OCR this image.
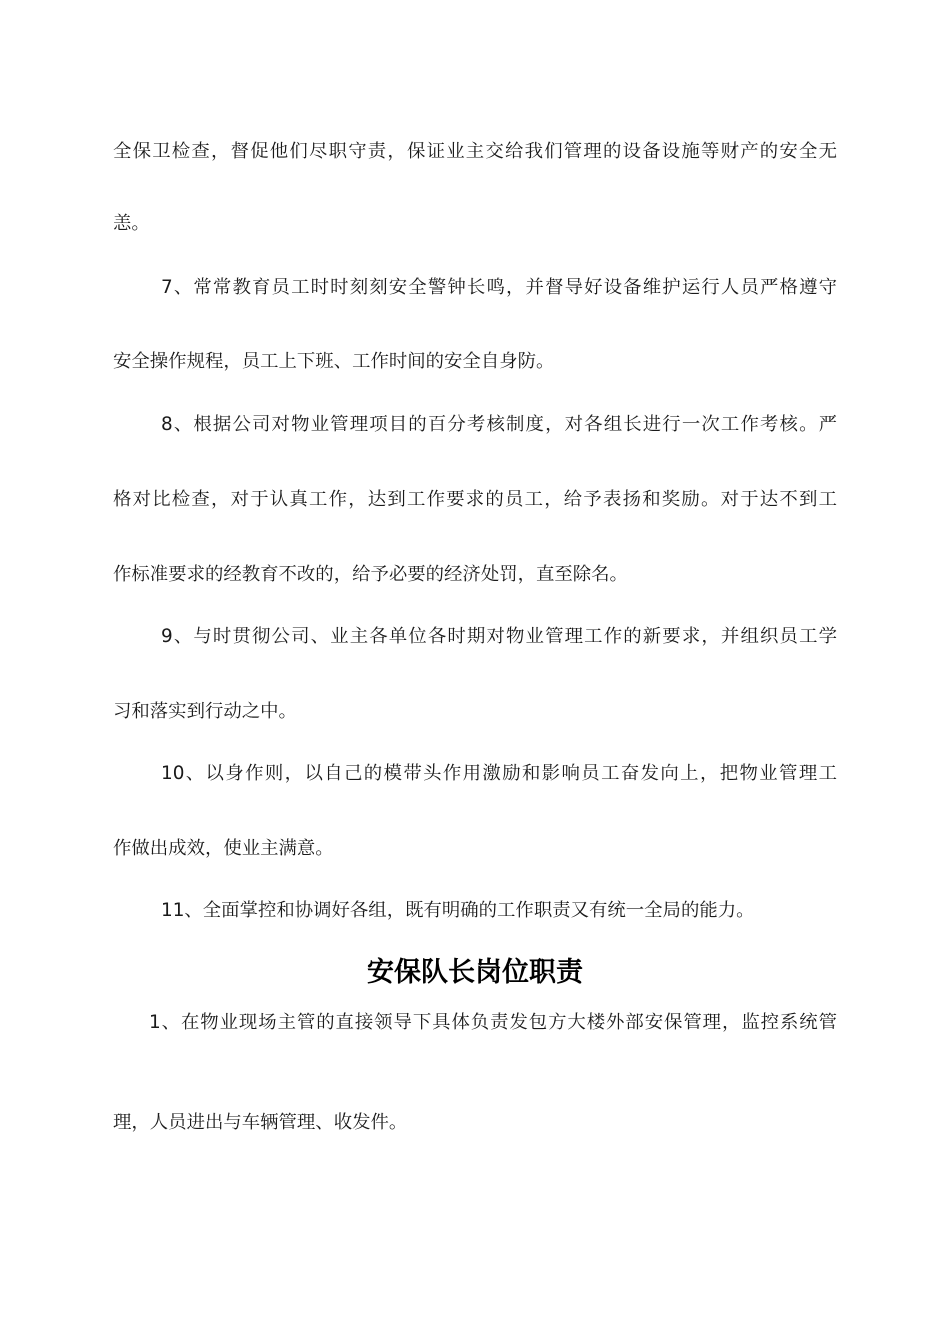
全保卫检查，督促他们尽职守责，保证业主交给我们管理的设备设施等财产的安全无
恙。
7、常常教育员工时时刻刻安全警钟长鸣，并督导好设备维护运行人员严格遵守
安全操作规程，员工上下班、工作时间的安全自身防。
8、根据公司对物业管理项目的百分考核制度，对各组长进行一次工作考核。严
格对比检查，对于认真工作，达到工作要求的员工，给予表扬和奖励。对于达不到工
作标准要求的经教育不改的，给予必要的经济处罚，直至除名。
9、与时贯彻公司、业主各单位各时期对物业管理工作的新要求，并组织员工学
习和落实到行动之中。
10、以身作则，以自己的模带头作用激励和影响员工奋发向上，把物业管理工
作做出成效，使业主满意。
11、全面掌控和协调好各组，既有明确的工作职责又有统一全局的能力。
安保队长岗位职责
1、在物业现场主管的直接领导下具体负责发包方大楼外部安保管理，监控系统管
理，人员进出与车辆管理、收发件。
